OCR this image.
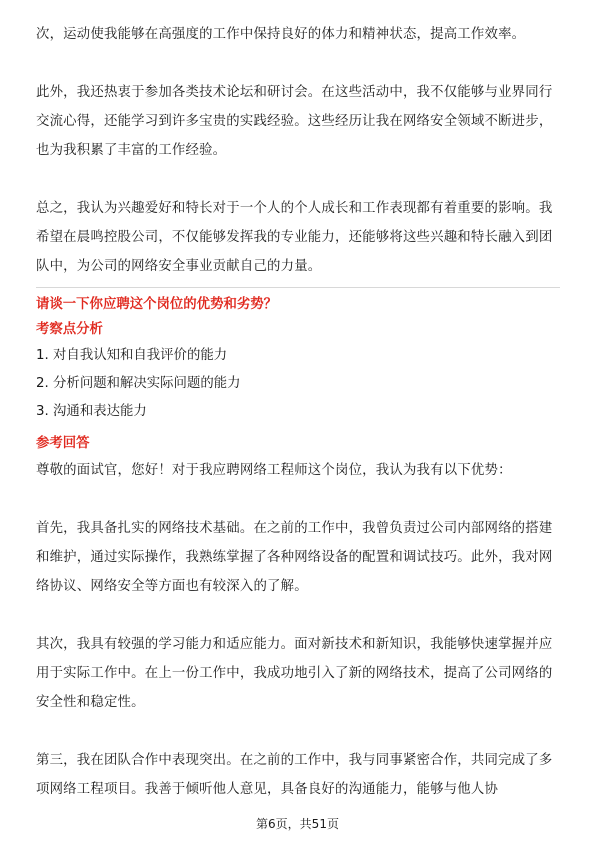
次，运动使我能够在高强度的工作中保持良好的体力和精神状态，提高工作效率。

此外，我还热衷于参加各类技术论坛和研讨会。在这些活动中，我不仅能够与业界同行交流心得，还能学习到许多宝贵的实践经验。这些经历让我在网络安全领域不断进步，也为我积累了丰富的工作经验。

总之，我认为兴趣爱好和特长对于一个人的个人成长和工作表现都有着重要的影响。我希望在晨鸣控股公司，不仅能够发挥我的专业能力，还能够将这些兴趣和特长融入到团队中，为公司的网络安全事业贡献自己的力量。

请谈一下你应聘这个岗位的优势和劣势？

考察点分析

1. 对自我认知和自我评价的能力

2. 分析问题和解决实际问题的能力

3. 沟通和表达能力

参考回答

尊敬的面试官，您好！对于我应聘网络工程师这个岗位，我认为我有以下优势：

首先，我具备扎实的网络技术基础。在之前的工作中，我曾负责过公司内部网络的搭建和维护，通过实际操作，我熟练掌握了各种网络设备的配置和调试技巧。此外，我对网络协议、网络安全等方面也有较深入的了解。

其次，我具有较强的学习能力和适应能力。面对新技术和新知识，我能够快速掌握并应用于实际工作中。在上一份工作中，我成功地引入了新的网络技术，提高了公司网络的安全性和稳定性。

第三，我在团队合作中表现突出。在之前的工作中，我与同事紧密合作，共同完成了多项网络工程项目。我善于倾听他人意见，具备良好的沟通能力，能够与他人协

第6页，共51页
